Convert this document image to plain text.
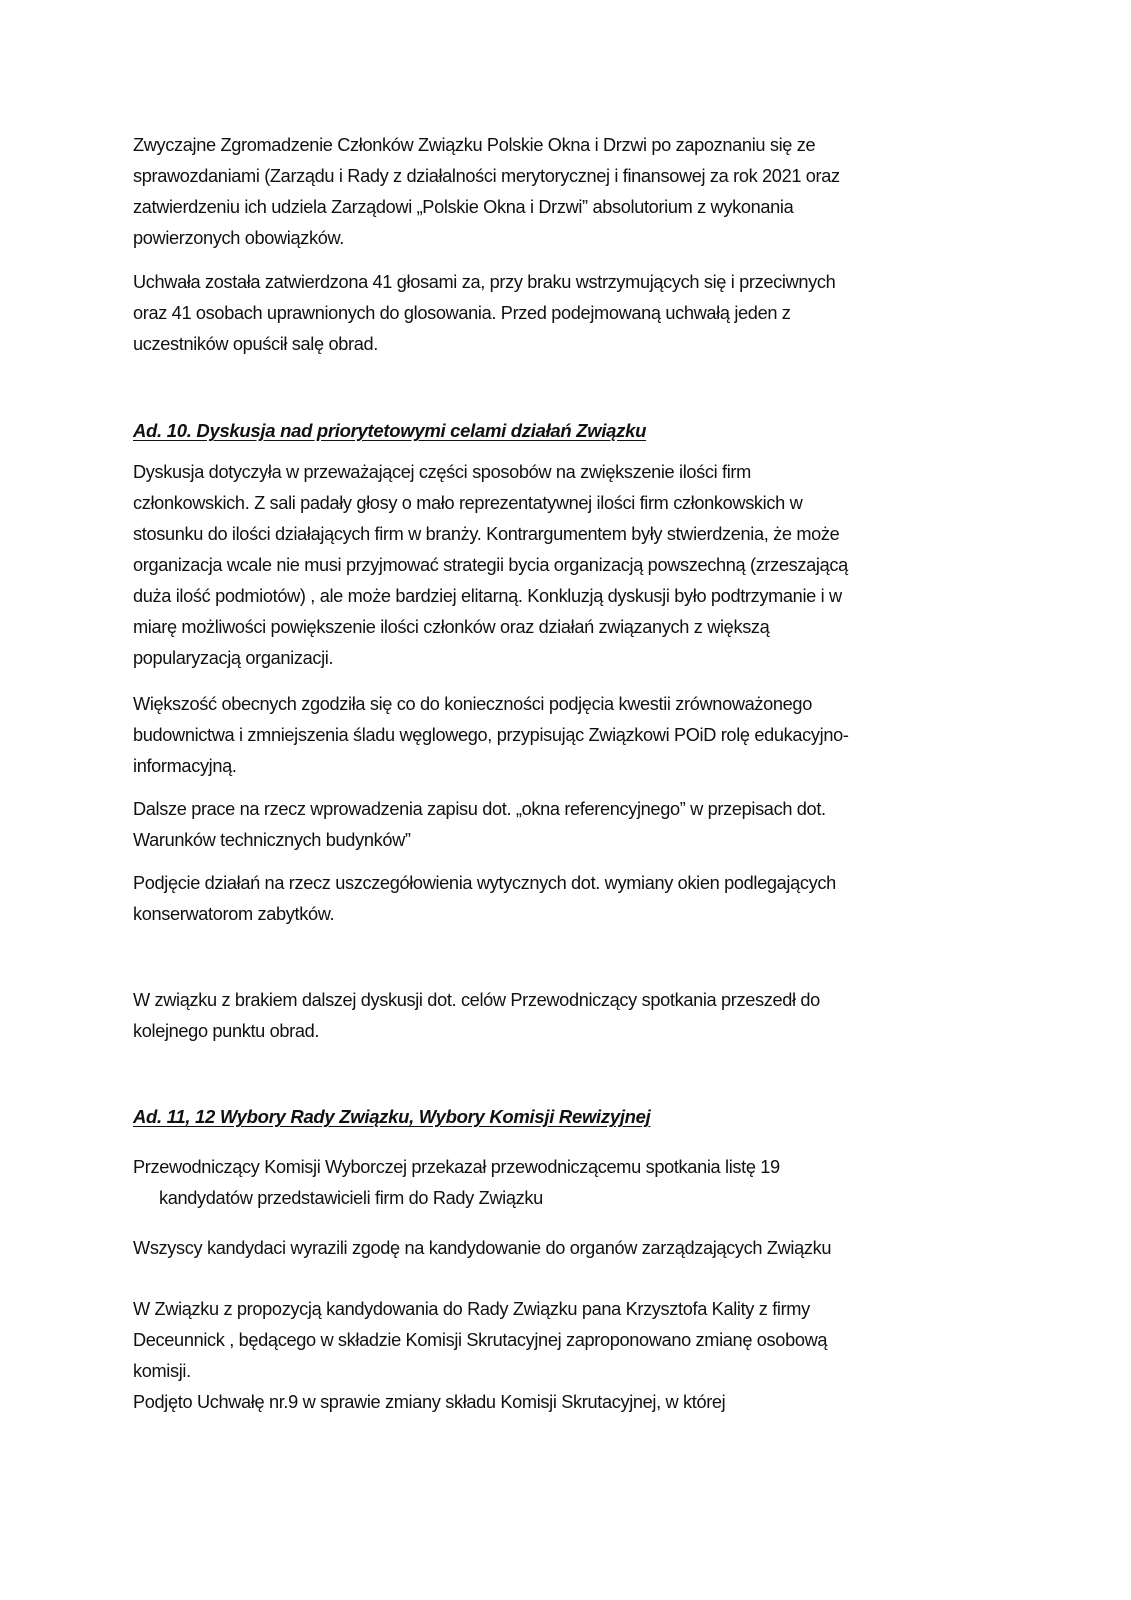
Zwyczajne Zgromadzenie Członków Związku Polskie Okna i Drzwi po zapoznaniu się ze
sprawozdaniami (Zarządu i Rady z działalności merytorycznej i finansowej za rok 2021 oraz
zatwierdzeniu ich udziela Zarządowi „Polskie Okna i Drzwi” absolutorium z wykonania
powierzonych obowiązków.
Uchwała została zatwierdzona 41 głosami za, przy braku wstrzymujących się i przeciwnych
oraz 41 osobach uprawnionych do glosowania. Przed podejmowaną uchwałą jeden z
uczestników opuścił salę obrad.
Ad. 10. Dyskusja nad priorytetowymi celami działań Związku
Dyskusja dotyczyła w przeważającej części sposobów na zwiększenie ilości firm
członkowskich. Z sali padały głosy o mało reprezentatywnej ilości firm członkowskich w
stosunku do ilości działających firm w branży. Kontrargumentem były stwierdzenia, że może
organizacja wcale nie musi przyjmować strategii bycia organizacją powszechną (zrzeszającą
duża ilość podmiotów) , ale może bardziej elitarną. Konkluzją dyskusji było podtrzymanie i w
miarę możliwości powiększenie ilości członków oraz działań związanych z większą
popularyzacją organizacji.
Większość obecnych zgodziła się co do konieczności podjęcia kwestii zrównoważonego
budownictwa i zmniejszenia śladu węglowego, przypisując Związkowi POiD rolę edukacyjno-
informacyjną.
Dalsze prace na rzecz wprowadzenia zapisu dot. „okna referencyjnego” w przepisach dot.
Warunków technicznych budynków”
Podjęcie działań na rzecz uszczegółowienia wytycznych dot. wymiany okien podlegających
konserwatorom zabytków.
W związku z brakiem dalszej dyskusji dot. celów Przewodniczący spotkania przeszedł do
kolejnego punktu obrad.
Ad. 11, 12 Wybory Rady Związku, Wybory Komisji Rewizyjnej
Przewodniczący Komisji Wyborczej przekazał przewodniczącemu spotkania listę 19
kandydatów przedstawicieli firm do Rady Związku
Wszyscy kandydaci wyrazili zgodę na kandydowanie do organów zarządzających Związku
W Związku z propozycją kandydowania do Rady Związku pana Krzysztofa Kality z firmy
Deceunnick , będącego w składzie Komisji Skrutacyjnej zaproponowano zmianę osobową
komisji.
Podjęto Uchwałę nr.9 w sprawie zmiany składu Komisji Skrutacyjnej, w której
